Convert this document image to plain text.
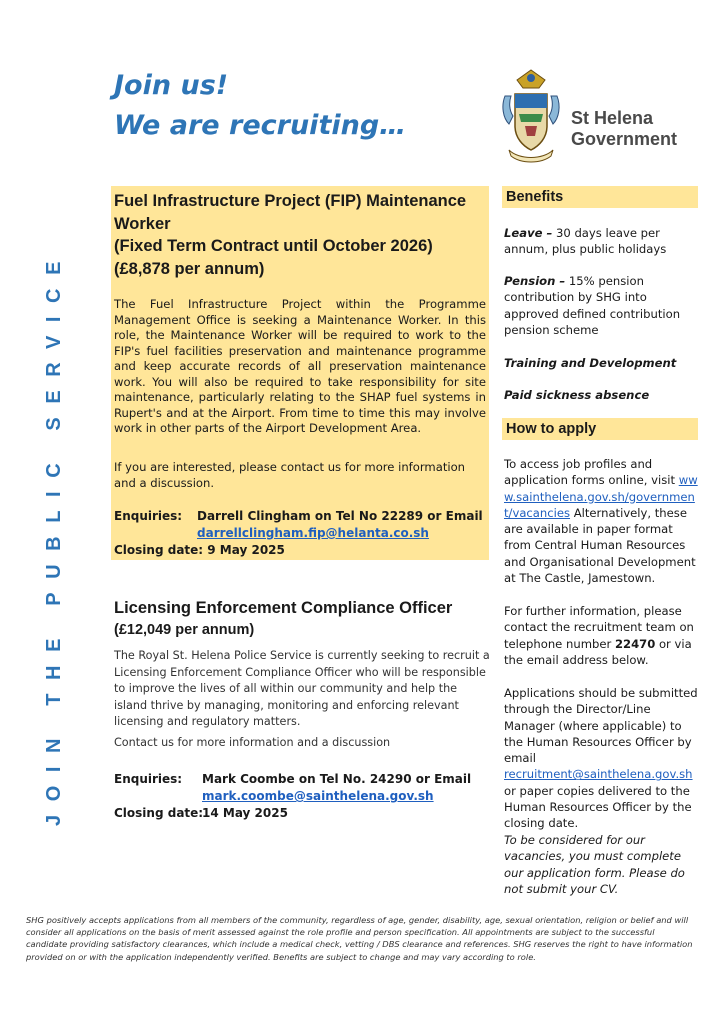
Join us!
We are recruiting…	St Helena
Government
JOIN THE PUBLIC SERVICE
Fuel Infrastructure Project (FIP) Maintenance
Worker
(Fixed Term Contract until October 2026)
(£8,878 per annum)
The Fuel Infrastructure Project within the Programme Management Office is seeking a Maintenance Worker. In this role, the Maintenance Worker will be required to work to the FIP's fuel facilities preservation and maintenance programme and keep accurate records of all preservation maintenance work. You will also be required to take responsibility for site maintenance, particularly relating to the SHAP fuel systems in Rupert's and at the Airport. From time to time this may involve work in other parts of the Airport Development Area.
If you are interested, please contact us for more information and a discussion.
Enquiries: Darrell Clingham on Tel No 22289 or Email
darrellclingham.fip@helanta.co.sh
Closing date: 9 May 2025
Licensing Enforcement Compliance Officer
(£12,049 per annum)
The Royal St. Helena Police Service is currently seeking to recruit a Licensing Enforcement Compliance Officer who will be responsible to improve the lives of all within our community and help the island thrive by managing, monitoring and enforcing relevant licensing and regulatory matters.
Contact us for more information and a discussion
Enquiries: Mark Coombe on Tel No. 24290 or Email
mark.coombe@sainthelena.gov.sh
Closing date:
14 May 2025
Benefits
Leave – 30 days leave per annum, plus public holidays
Pension – 15% pension contribution by SHG into approved defined contribution pension scheme
Training and Development
Paid sickness absence
How to apply
To access job profiles and application forms online, visit www.sainthelena.gov.sh/government/vacancies Alternatively, these are available in paper format from Central Human Resources and Organisational Development at The Castle, Jamestown.
For further information, please contact the recruitment team on telephone number 22470 or via the email address below.
Applications should be submitted through the Director/Line Manager (where applicable) to the Human Resources Officer by email recruitment@sainthelena.gov.sh or paper copies delivered to the Human Resources Officer by the closing date.
To be considered for our vacancies, you must complete our application form. Please do not submit your CV.
SHG positively accepts applications from all members of the community, regardless of age, gender, disability, age, sexual orientation, religion or belief and will consider all applications on the basis of merit assessed against the role profile and person specification. All appointments are subject to the successful candidate providing satisfactory clearances, which include a medical check, vetting / DBS clearance and references. SHG reserves the right to have information provided on or with the application independently verified. Benefits are subject to change and may vary according to role.
